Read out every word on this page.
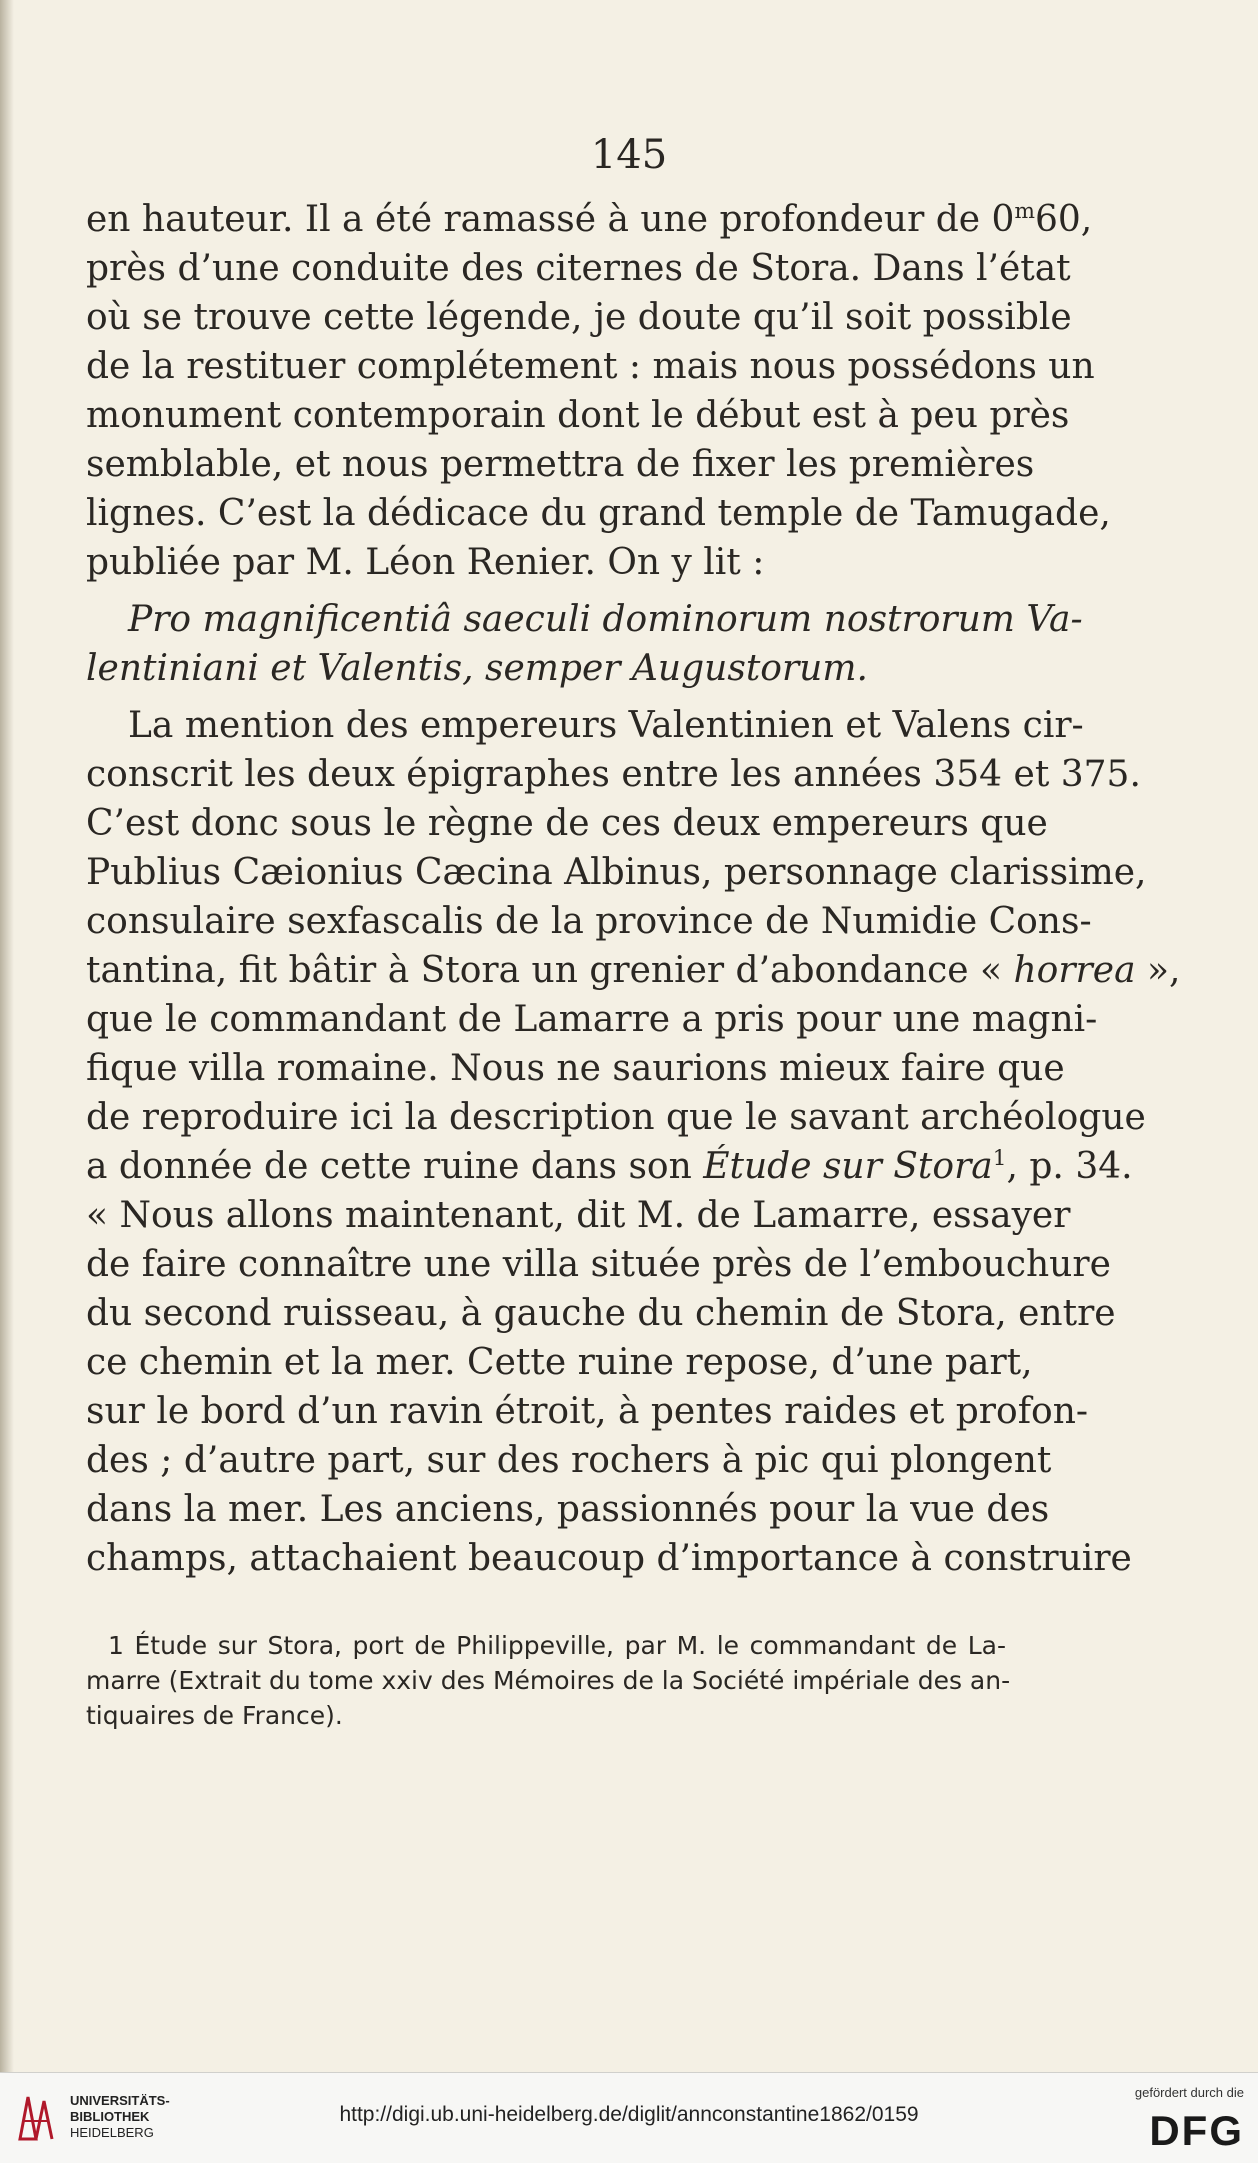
145
en hauteur. Il a été ramassé à une profondeur de 0$^m$60,
près d’une conduite des citernes de Stora. Dans l’état
où se trouve cette légende, je doute qu’il soit possible
de la restituer complétement : mais nous possédons un
monument contemporain dont le début est à peu près
semblable, et nous permettra de fixer les premières
lignes. C’est la dédicace du grand temple de Tamugade,
publiée par M. Léon Renier. On y lit :
Pro magnificentiâ saeculi dominorum nostrorum Va-
lentiniani et Valentis, semper Augustorum.
La mention des empereurs Valentinien et Valens cir-
conscrit les deux épigraphes entre les années 354 et 375.
C’est donc sous le règne de ces deux empereurs que
Publius Cæionius Cæcina Albinus, personnage clarissime,
consulaire sexfascalis de la province de Numidie Cons-
tantina, fit bâtir à Stora un grenier d’abondance « horrea »,
que le commandant de Lamarre a pris pour une magni-
fique villa romaine. Nous ne saurions mieux faire que
de reproduire ici la description que le savant archéologue
a donnée de cette ruine dans son Étude sur Stora$^1$, p. 34.
« Nous allons maintenant, dit M. de Lamarre, essayer
de faire connaître une villa située près de l’embouchure
du second ruisseau, à gauche du chemin de Stora, entre
ce chemin et la mer. Cette ruine repose, d’une part,
sur le bord d’un ravin étroit, à pentes raides et profon-
des ; d’autre part, sur des rochers à pic qui plongent
dans la mer. Les anciens, passionnés pour la vue des
champs, attachaient beaucoup d’importance à construire
1 Étude sur Stora, port de Philippeville, par M. le commandant de La-
marre (Extrait du tome xxiv des Mémoires de la Société impériale des an-
tiquaires de France).
UNIVERSITÄTS-
BIBLIOTHEK
HEIDELBERG
http://digi.ub.uni-heidelberg.de/diglit/annconstantine1862/0159
gefördert durch die
DFG
